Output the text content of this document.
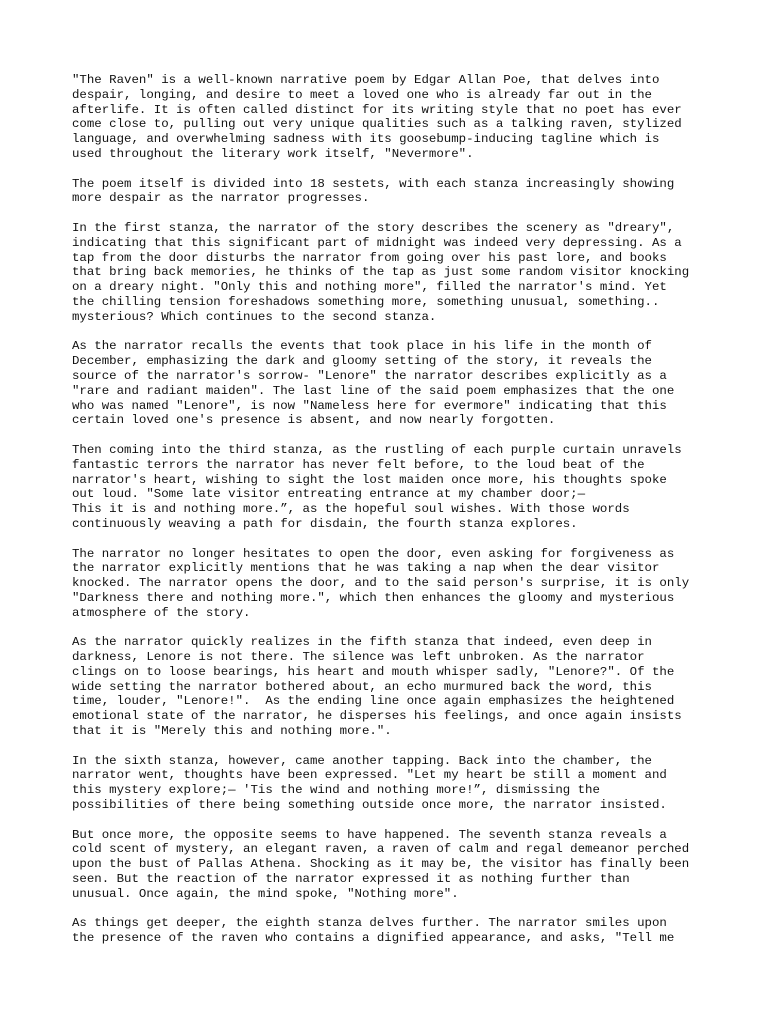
"The Raven" is a well-known narrative poem by Edgar Allan Poe, that delves into
despair, longing, and desire to meet a loved one who is already far out in the
afterlife. It is often called distinct for its writing style that no poet has ever
come close to, pulling out very unique qualities such as a talking raven, stylized
language, and overwhelming sadness with its goosebump-inducing tagline which is
used throughout the literary work itself, "Nevermore".
The poem itself is divided into 18 sestets, with each stanza increasingly showing
more despair as the narrator progresses.
In the first stanza, the narrator of the story describes the scenery as "dreary",
indicating that this significant part of midnight was indeed very depressing. As a
tap from the door disturbs the narrator from going over his past lore, and books
that bring back memories, he thinks of the tap as just some random visitor knocking
on a dreary night. "Only this and nothing more", filled the narrator's mind. Yet
the chilling tension foreshadows something more, something unusual, something..
mysterious? Which continues to the second stanza.
As the narrator recalls the events that took place in his life in the month of
December, emphasizing the dark and gloomy setting of the story, it reveals the
source of the narrator's sorrow- "Lenore" the narrator describes explicitly as a
"rare and radiant maiden". The last line of the said poem emphasizes that the one
who was named "Lenore", is now "Nameless here for evermore" indicating that this
certain loved one's presence is absent, and now nearly forgotten.
Then coming into the third stanza, as the rustling of each purple curtain unravels
fantastic terrors the narrator has never felt before, to the loud beat of the
narrator's heart, wishing to sight the lost maiden once more, his thoughts spoke
out loud. "Some late visitor entreating entrance at my chamber door;—
This it is and nothing more.”, as the hopeful soul wishes. With those words
continuously weaving a path for disdain, the fourth stanza explores.
The narrator no longer hesitates to open the door, even asking for forgiveness as
the narrator explicitly mentions that he was taking a nap when the dear visitor
knocked. The narrator opens the door, and to the said person's surprise, it is only
"Darkness there and nothing more.", which then enhances the gloomy and mysterious
atmosphere of the story.
As the narrator quickly realizes in the fifth stanza that indeed, even deep in
darkness, Lenore is not there. The silence was left unbroken. As the narrator
clings on to loose bearings, his heart and mouth whisper sadly, "Lenore?". Of the
wide setting the narrator bothered about, an echo murmured back the word, this
time, louder, "Lenore!".  As the ending line once again emphasizes the heightened
emotional state of the narrator, he disperses his feelings, and once again insists
that it is "Merely this and nothing more.".
In the sixth stanza, however, came another tapping. Back into the chamber, the
narrator went, thoughts have been expressed. "Let my heart be still a moment and
this mystery explore;— 'Tis the wind and nothing more!”, dismissing the
possibilities of there being something outside once more, the narrator insisted.
But once more, the opposite seems to have happened. The seventh stanza reveals a
cold scent of mystery, an elegant raven, a raven of calm and regal demeanor perched
upon the bust of Pallas Athena. Shocking as it may be, the visitor has finally been
seen. But the reaction of the narrator expressed it as nothing further than
unusual. Once again, the mind spoke, "Nothing more".
As things get deeper, the eighth stanza delves further. The narrator smiles upon
the presence of the raven who contains a dignified appearance, and asks, "Tell me
